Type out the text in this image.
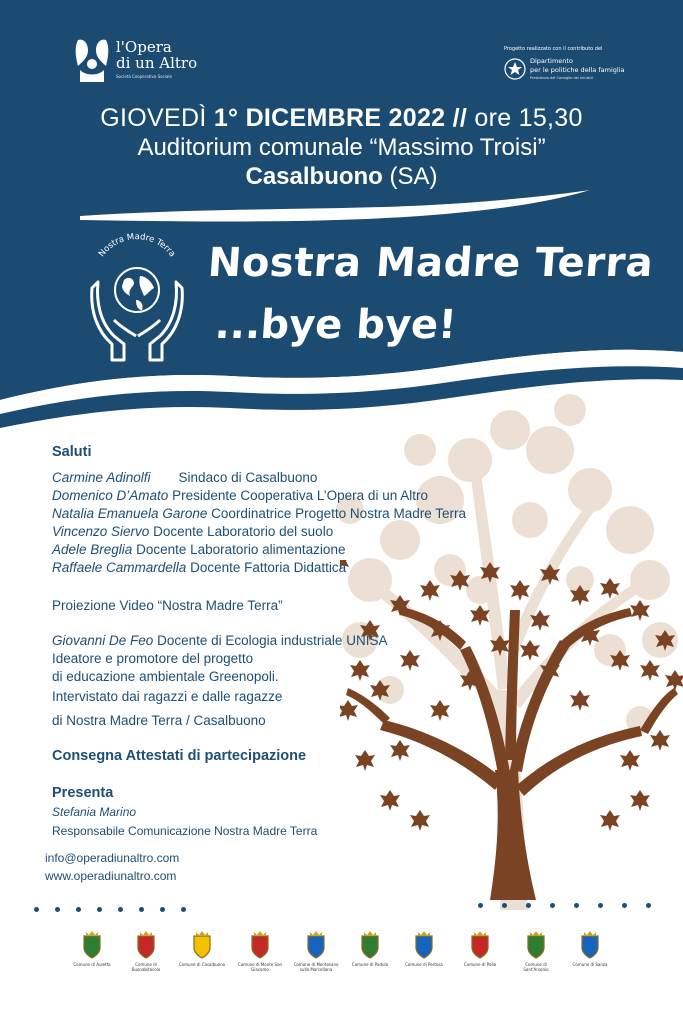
l'Opera
di un Altro
Società Cooperativa Sociale
Progetto realizzato con il contributo del
Dipartimento
per le politiche della famiglia
Presidenza del Consiglio dei ministri
GIOVEDÌ 1° DICEMBRE 2022 // ore 15,30
Auditorium comunale “Massimo Troisi”
Casalbuono (SA)
Nostra Madre Terra Nostra Madre Terra
...bye bye!
Saluti
Carmine Adinolfi Sindaco di Casalbuono
Domenico D’Amato Presidente Cooperativa L’Opera di un Altro
Natalia Emanuela Garone Coordinatrice Progetto Nostra Madre Terra
Vincenzo Siervo Docente Laboratorio del suolo
Adele Breglia Docente Laboratorio alimentazione
Raffaele Cammardella Docente Fattoria Didattica
Proiezione Video “Nostra Madre Terra”
Giovanni De Feo Docente di Ecologia industriale UNISA
Ideatore e promotore del progetto
di educazione ambientale Greenopoli.
Intervistato dai ragazzi e dalle ragazze
di Nostra Madre Terra / Casalbuono
Consegna Attestati di partecipazione
Presenta
Stefania Marino
Responsabile Comunicazione Nostra Madre Terra
info@operadiunaltro.com
www.operadiunaltro.com
Comune di Auletta	Comune di Buonabitacolo
Comune di Casalbuono	Comune di Monte San Giacomo
Comune di Montesano sulla Marcellana
Comune di Padula	Comune di Pertosa	Comune di Polla	Comune di Sant'Arsenio
Comune di Sanza
